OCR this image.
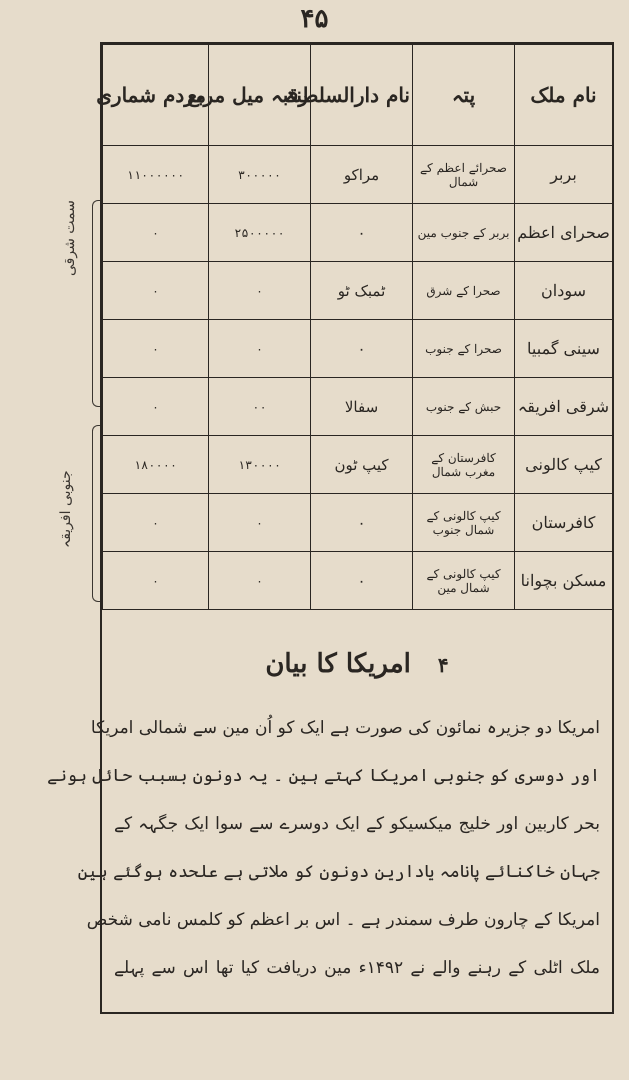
۴۵
سمت شرقی
جنوبی افریقہ
نام ملک	پتہ	نام دارالسلطنۃ	رقبہ میل مربع	مردم شماری
بربر	صحرائے اعظم کے شمال	مراکو	۳۰۰۰۰۰	۱۱۰۰۰۰۰۰
صحرای اعظم	بربر کے جنوب مین	٠	۲۵۰۰۰۰۰	٠
سودان	صحرا کے شرق	ٹمبک ٹو	٠	٠
سینی گمبیا	صحرا کے جنوب	٠	٠	٠
شرقی افریقہ	حبش کے جنوب	سفالا	٠٠	٠
کیپ کالونی	کافرستان کے مغرب شمال	کیپ ٹون	۱۳۰۰۰۰	۱۸۰۰۰۰
کافرستان	کیپ کالونی کے شمال جنوب	٠	٠	٠
مسکن بچوانا	کیپ کالونی کے شمال مین	٠	٠	٠
۴ امریکا کا بیان
امریکا دو جزیرہ نمائون کی صورت ہے ایک کو اُن مین سے شمالی امریکا
اور دوسری کو جنوبی امریکا کہتے ہین ۔ یہ دونون بسبب حائل ہونے
بحر کاربین اور خلیج میکسیکو کے ایک دوسرے سے سوا ایک جگہہ کے
جہان خاکنائے پانامہ یادارین دونون کو ملاتی ہے علحدہ ہوگئے ہین
امریکا کے چارون طرف سمندر ہے ۔ اس بر اعظم کو کلمس نامی شخص
ملک اٹلی کے رہنے والے نے ۱۴۹۲ء مین دریافت کیا تھا اس سے پہلے
